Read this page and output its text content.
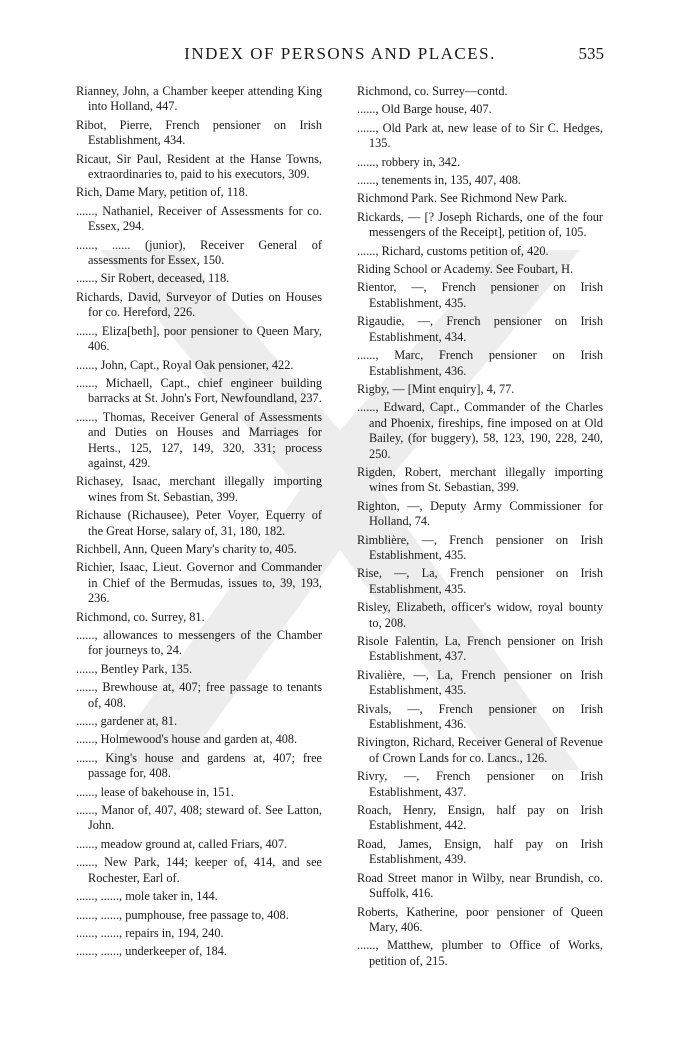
INDEX OF PERSONS AND PLACES.	535

Rianney, John, a Chamber keeper attending King into Holland, 447.

Ribot, Pierre, French pensioner on Irish Establishment, 434.

Ricaut, Sir Paul, Resident at the Hanse Towns, extraordinaries to, paid to his executors, 309.

Rich, Dame Mary, petition of, 118.

......, Nathaniel, Receiver of Assessments for co. Essex, 294.

......, ...... (junior), Receiver General of assessments for Essex, 150.

......, Sir Robert, deceased, 118.

Richards, David, Surveyor of Duties on Houses for co. Hereford, 226.

......, Eliza[beth], poor pensioner to Queen Mary, 406.

......, John, Capt., Royal Oak pensioner, 422.

......, Michaell, Capt., chief engineer building barracks at St. John's Fort, Newfoundland, 237.

......, Thomas, Receiver General of Assessments and Duties on Houses and Marriages for Herts., 125, 127, 149, 320, 331; process against, 429.

Richasey, Isaac, merchant illegally importing wines from St. Sebastian, 399.

Richause (Richausee), Peter Voyer, Equerry of the Great Horse, salary of, 31, 180, 182.

Richbell, Ann, Queen Mary's charity to, 405.

Richier, Isaac, Lieut. Governor and Commander in Chief of the Bermudas, issues to, 39, 193, 236.

Richmond, co. Surrey, 81.

......, allowances to messengers of the Chamber for journeys to, 24.

......, Bentley Park, 135.

......, Brewhouse at, 407; free passage to tenants of, 408.

......, gardener at, 81.

......, Holmewood's house and garden at, 408.

......, King's house and gardens at, 407; free passage for, 408.

......, lease of bakehouse in, 151.

......, Manor of, 407, 408; steward of. See Latton, John.

......, meadow ground at, called Friars, 407.

......, New Park, 144; keeper of, 414, and see Rochester, Earl of.

......, ......, mole taker in, 144.

......, ......, pumphouse, free passage to, 408.

......, ......, repairs in, 194, 240.

......, ......, underkeeper of, 184.

Richmond, co. Surrey—contd.

......, Old Barge house, 407.

......, Old Park at, new lease of to Sir C. Hedges, 135.

......, robbery in, 342.

......, tenements in, 135, 407, 408.

Richmond Park. See Richmond New Park.

Rickards, — [? Joseph Richards, one of the four messengers of the Receipt], petition of, 105.

......, Richard, customs petition of, 420.

Riding School or Academy. See Foubart, H.

Rientor, —, French pensioner on Irish Establishment, 435.

Rigaudie, —, French pensioner on Irish Establishment, 434.

......, Marc, French pensioner on Irish Establishment, 436.

Rigby, — [Mint enquiry], 4, 77.

......, Edward, Capt., Commander of the Charles and Phoenix, fireships, fine imposed on at Old Bailey, (for buggery), 58, 123, 190, 228, 240, 250.

Rigden, Robert, merchant illegally importing wines from St. Sebastian, 399.

Righton, —, Deputy Army Commissioner for Holland, 74.

Rimblière, —, French pensioner on Irish Establishment, 435.

Rise, —, La, French pensioner on Irish Establishment, 435.

Risley, Elizabeth, officer's widow, royal bounty to, 208.

Risole Falentin, La, French pensioner on Irish Establishment, 437.

Rivalière, —, La, French pensioner on Irish Establishment, 435.

Rivals, —, French pensioner on Irish Establishment, 436.

Rivington, Richard, Receiver General of Revenue of Crown Lands for co. Lancs., 126.

Rivry, —, French pensioner on Irish Establishment, 437.

Roach, Henry, Ensign, half pay on Irish Establishment, 442.

Road, James, Ensign, half pay on Irish Establishment, 439.

Road Street manor in Wilby, near Brundish, co. Suffolk, 416.

Roberts, Katherine, poor pensioner of Queen Mary, 406.

......, Matthew, plumber to Office of Works, petition of, 215.
